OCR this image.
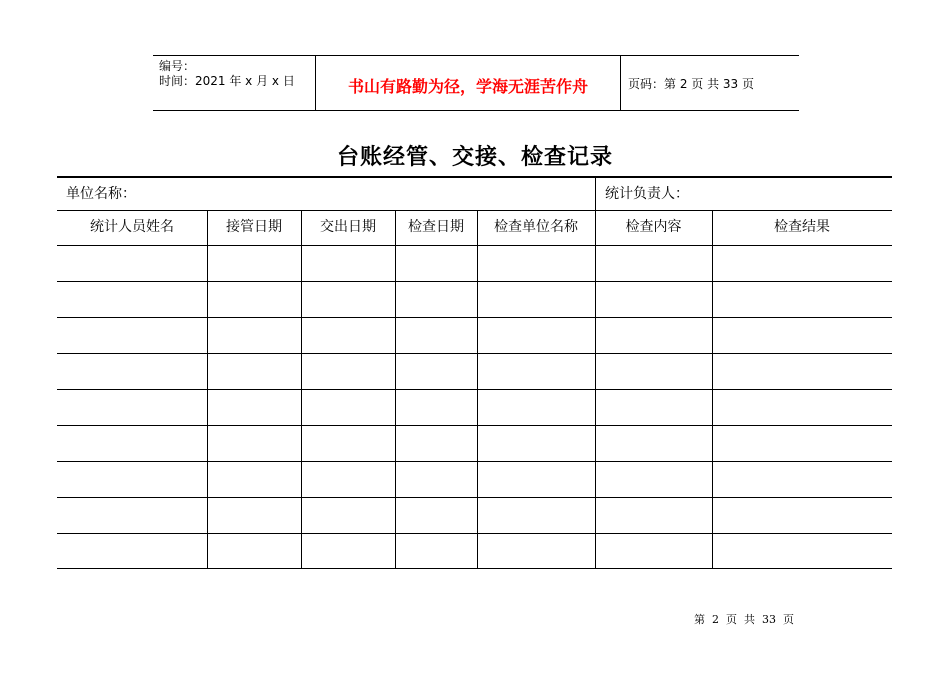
编号：
时间：2021 年 x 月 x 日	书山有路勤为径，学海无涯苦作舟	页码：第 2 页 共 33 页
台账经管、交接、检查记录
单位名称：	统计负责人：
统计人员姓名	接管日期	交出日期	检查日期	检查单位名称	检查内容	检查结果
第  2  页  共  33  页
